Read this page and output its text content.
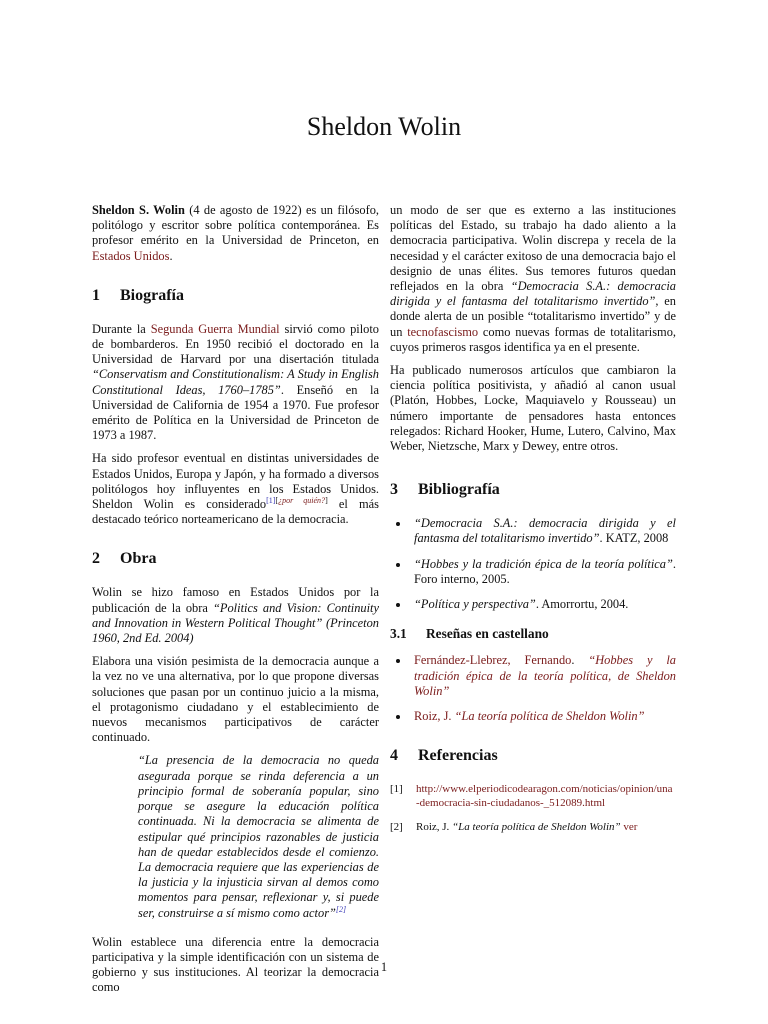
Sheldon Wolin

Sheldon S. Wolin (4 de agosto de 1922) es un filósofo, politólogo y escritor sobre política contemporánea. Es profesor emérito en la Universidad de Princeton, en Estados Unidos.

1 Biografía

Durante la Segunda Guerra Mundial sirvió como piloto de bombarderos. En 1950 recibió el doctorado en la Universidad de Harvard por una disertación titulada “Conservatism and Constitutionalism: A Study in English Constitutional Ideas, 1760–1785”. Enseñó en la Universidad de California de 1954 a 1970. Fue profesor emérito de Política en la Universidad de Princeton de 1973 a 1987.

Ha sido profesor eventual en distintas universidades de Estados Unidos, Europa y Japón, y ha formado a diversos politólogos hoy influyentes en los Estados Unidos. Sheldon Wolin es considerado[1][¿por quién?] el más destacado teórico norteamericano de la democracia.

2 Obra

Wolin se hizo famoso en Estados Unidos por la publicación de la obra “Politics and Vision: Continuity and Innovation in Western Political Thought” (Princeton 1960, 2nd Ed. 2004)

Elabora una visión pesimista de la democracia aunque a la vez no ve una alternativa, por lo que propone diversas soluciones que pasan por un continuo juicio a la misma, el protagonismo ciudadano y el establecimiento de nuevos mecanismos participativos de carácter continuado.

“La presencia de la democracia no queda asegurada porque se rinda deferencia a un principio formal de soberanía popular, sino porque se asegure la educación política continuada. Ni la democracia se alimenta de estipular qué principios razonables de justicia han de quedar establecidos desde el comienzo. La democracia requiere que las experiencias de la justicia y la injusticia sirvan al demos como momentos para pensar, reflexionar y, si puede ser, construirse a sí mismo como actor”[2]

Wolin establece una diferencia entre la democracia participativa y la simple identificación con un sistema de gobierno y sus instituciones. Al teorizar la democracia como

un modo de ser que es externo a las instituciones políticas del Estado, su trabajo ha dado aliento a la democracia participativa. Wolin discrepa y recela de la necesidad y el carácter exitoso de una democracia bajo el designio de unas élites. Sus temores futuros quedan reflejados en la obra “Democracia S.A.: democracia dirigida y el fantasma del totalitarismo invertido”, en donde alerta de un posible “totalitarismo invertido” y de un tecnofascismo como nuevas formas de totalitarismo, cuyos primeros rasgos identifica ya en el presente.

Ha publicado numerosos artículos que cambiaron la ciencia política positivista, y añadió al canon usual (Platón, Hobbes, Locke, Maquiavelo y Rousseau) un número importante de pensadores hasta entonces relegados: Richard Hooker, Hume, Lutero, Calvino, Max Weber, Nietzsche, Marx y Dewey, entre otros.

3 Bibliografía
• “Democracia S.A.: democracia dirigida y el fantasma del totalitarismo invertido”. KATZ, 2008
• “Hobbes y la tradición épica de la teoría política”. Foro interno, 2005.
• “Política y perspectiva”. Amorrortu, 2004.
3.1 Reseñas en castellano
• Fernández-Llebrez, Fernando. “Hobbes y la tradición épica de la teoría política, de Sheldon Wolin”
• Roiz, J. “La teoría política de Sheldon Wolin”
4 Referencias
[1]	http://www.elperiodicodearagon.com/noticias/opinion/una-democracia-sin-ciudadanos-_512089.html
[2]	Roiz, J. “La teoría política de Sheldon Wolin” ver
1
